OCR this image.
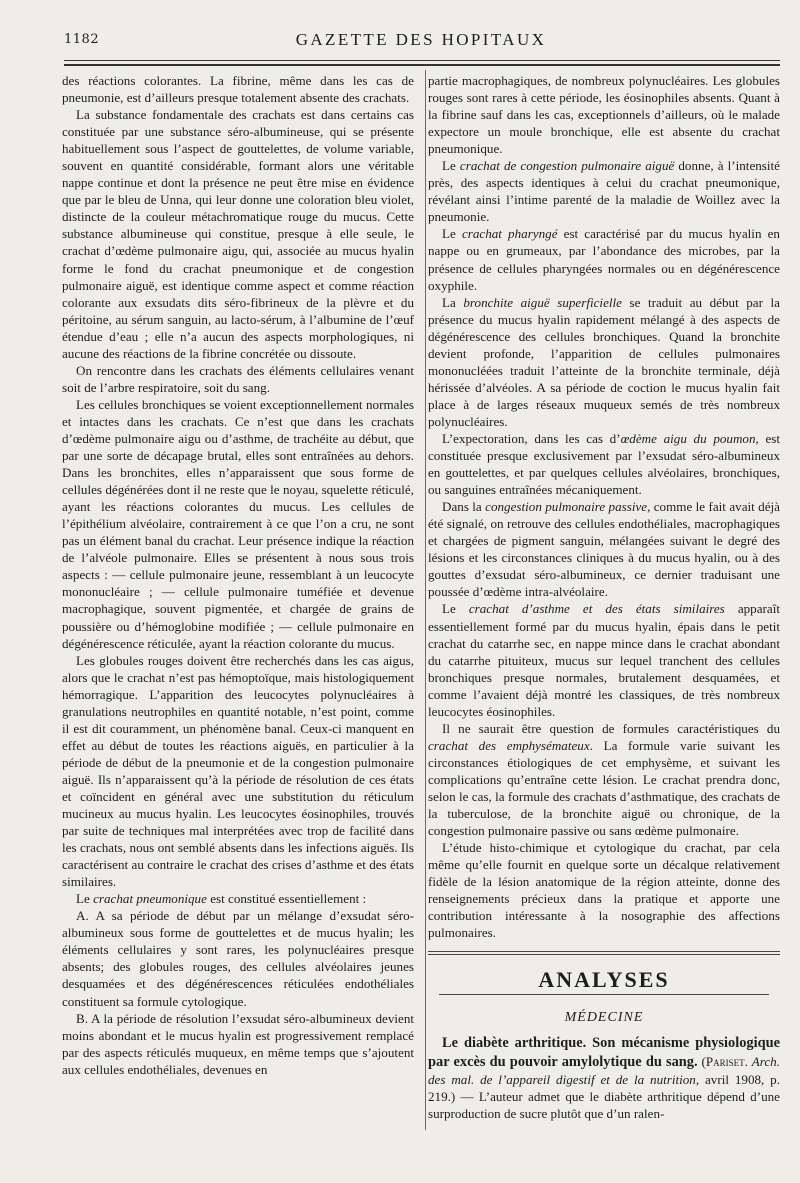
1182	GAZETTE DES HOPITAUX

des réactions colorantes. La fibrine, même dans les cas de pneumonie, est d’ailleurs presque totalement absente des crachats.

La substance fondamentale des crachats est dans certains cas constituée par une substance séro-albumineuse, qui se présente habituellement sous l’aspect de gouttelettes, de volume variable, souvent en quantité considérable, formant alors une véritable nappe continue et dont la présence ne peut être mise en évidence que par le bleu de Unna, qui leur donne une coloration bleu violet, distincte de la couleur métachromatique rouge du mucus. Cette substance albumineuse qui constitue, presque à elle seule, le crachat d’œdème pulmonaire aigu, qui, associée au mucus hyalin forme le fond du crachat pneumonique et de congestion pulmonaire aiguë, est identique comme aspect et comme réaction colorante aux exsudats dits séro-fibrineux de la plèvre et du péritoine, au sérum sanguin, au lacto-sérum, à l’albumine de l’œuf étendue d’eau ; elle n’a aucun des aspects morphologiques, ni aucune des réactions de la fibrine concrétée ou dissoute.

On rencontre dans les crachats des éléments cellulaires venant soit de l’arbre respiratoire, soit du sang.

Les cellules bronchiques se voient exceptionnellement normales et intactes dans les crachats. Ce n’est que dans les crachats d’œdème pulmonaire aigu ou d’asthme, de trachéite au début, que par une sorte de décapage brutal, elles sont entraînées au dehors. Dans les bronchites, elles n’apparaissent que sous forme de cellules dégénérées dont il ne reste que le noyau, squelette réticulé, ayant les réactions colorantes du mucus. Les cellules de l’épithélium alvéolaire, contrairement à ce que l’on a cru, ne sont pas un élément banal du crachat. Leur présence indique la réaction de l’alvéole pulmonaire. Elles se présentent à nous sous trois aspects : — cellule pulmonaire jeune, ressemblant à un leucocyte mononucléaire ; — cellule pulmonaire tuméfiée et devenue macrophagique, souvent pigmentée, et chargée de grains de poussière ou d’hémoglobine modifiée ; — cellule pulmonaire en dégénérescence réticulée, ayant la réaction colorante du mucus.

Les globules rouges doivent être recherchés dans les cas aigus, alors que le crachat n’est pas hémoptoïque, mais histologiquement hémorragique. L’apparition des leucocytes polynucléaires à granulations neutrophiles en quantité notable, n’est point, comme il est dit couramment, un phénomène banal. Ceux-ci manquent en effet au début de toutes les réactions aiguës, en particulier à la période de début de la pneumonie et de la congestion pulmonaire aiguë. Ils n’apparaissent qu’à la période de résolution de ces états et coïncident en général avec une substitution du réticulum mucineux au mucus hyalin. Les leucocytes éosinophiles, trouvés par suite de techniques mal interprétées avec trop de facilité dans les crachats, nous ont semblé absents dans les infections aiguës. Ils caractérisent au contraire le crachat des crises d’asthme et des états similaires.

Le crachat pneumonique est constitué essentiellement :

A. A sa période de début par un mélange d’exsudat séro-albumineux sous forme de gouttelettes et de mucus hyalin; les éléments cellulaires y sont rares, les polynucléaires presque absents; des globules rouges, des cellules alvéolaires jeunes desquamées et des dégénérescences réticulées endothéliales constituent sa formule cytologique.

B. A la période de résolution l’exsudat séro-albumineux devient moins abondant et le mucus hyalin est progressivement remplacé par des aspects réticulés muqueux, en même temps que s’ajoutent aux cellules endothéliales, devenues en

partie macrophagiques, de nombreux polynucléaires. Les globules rouges sont rares à cette période, les éosinophiles absents. Quant à la fibrine sauf dans les cas, exceptionnels d’ailleurs, où le malade expectore un moule bronchique, elle est absente du crachat pneumonique.

Le crachat de congestion pulmonaire aiguë donne, à l’intensité près, des aspects identiques à celui du crachat pneumonique, révélant ainsi l’intime parenté de la maladie de Woillez avec la pneumonie.

Le crachat pharyngé est caractérisé par du mucus hyalin en nappe ou en grumeaux, par l’abondance des microbes, par la présence de cellules pharyngées normales ou en dégénérescence oxyphile.

La bronchite aiguë superficielle se traduit au début par la présence du mucus hyalin rapidement mélangé à des aspects de dégénérescence des cellules bronchiques. Quand la bronchite devient profonde, l’apparition de cellules pulmonaires mononucléées traduit l’atteinte de la bronchite terminale, déjà hérissée d’alvéoles. A sa période de coction le mucus hyalin fait place à de larges réseaux muqueux semés de très nombreux polynucléaires.

L’expectoration, dans les cas d’œdème aigu du poumon, est constituée presque exclusivement par l’exsudat séro-albumineux en gouttelettes, et par quelques cellules alvéolaires, bronchiques, ou sanguines entraînées mécaniquement.

Dans la congestion pulmonaire passive, comme le fait avait déjà été signalé, on retrouve des cellules endothéliales, macrophagiques et chargées de pigment sanguin, mélangées suivant le degré des lésions et les circonstances cliniques à du mucus hyalin, ou à des gouttes d’exsudat séro-albumineux, ce dernier traduisant une poussée d’œdème intra-alvéolaire.

Le crachat d’asthme et des états similaires apparaît essentiellement formé par du mucus hyalin, épais dans le petit crachat du catarrhe sec, en nappe mince dans le crachat abondant du catarrhe pituiteux, mucus sur lequel tranchent des cellules bronchiques presque normales, brutalement desquamées, et comme l’avaient déjà montré les classiques, de très nombreux leucocytes éosinophiles.

Il ne saurait être question de formules caractéristiques du crachat des emphysémateux. La formule varie suivant les circonstances étiologiques de cet emphysème, et suivant les complications qu’entraîne cette lésion. Le crachat prendra donc, selon le cas, la formule des crachats d’asthmatique, des crachats de la tuberculose, de la bronchite aiguë ou chronique, de la congestion pulmonaire passive ou sans œdème pulmonaire.

L’étude histo-chimique et cytologique du crachat, par cela même qu’elle fournit en quelque sorte un décalque relativement fidèle de la lésion anatomique de la région atteinte, donne des renseignements précieux dans la pratique et apporte une contribution intéressante à la nosographie des affections pulmonaires.

ANALYSES
MÉDECINE

Le diabète arthritique. Son mécanisme physiologique par excès du pouvoir amylolytique du sang. (Pariset. Arch. des mal. de l’appareil digestif et de la nutrition, avril 1908, p. 219.) — L’auteur admet que le diabète arthritique dépend d’une surproduction de sucre plutôt que d’un ralen-
